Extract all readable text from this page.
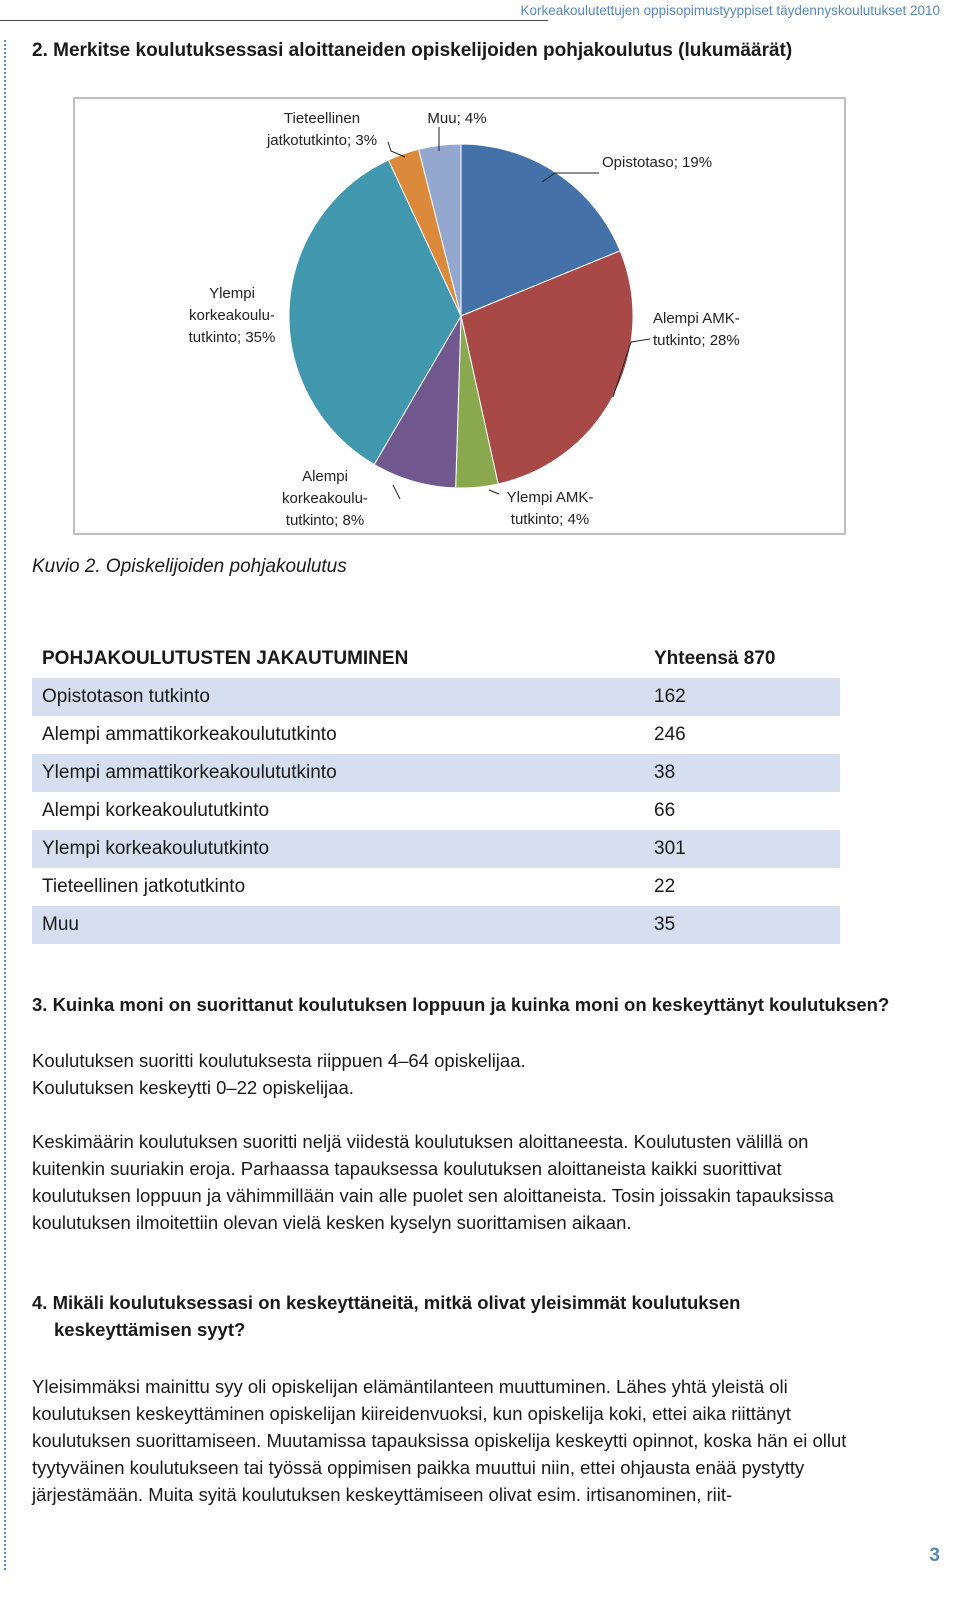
Korkeakoulutettujen oppisopimustyyppiset täydennyskoulutukset 2010
2. Merkitse koulutuksessasi aloittaneiden opiskelijoiden pohjakoulutus (lukumäärät)
Opistotaso; 19%
Alempi AMK-tutkinto; 28%
Ylempi AMK-tutkinto; 4%
Alempi korkeakoulu-tutkinto; 8%
Ylempi korkeakoulu-tutkinto; 35%
Tieteellinen jatkotutkinto; 3%
Muu; 4%
Kuvio 2. Opiskelijoiden pohjakoulutus
POHJAKOULUTUSTEN JAKAUTUMINEN	Yhteensä 870
Opistotason tutkinto	162
Alempi ammattikorkeakoulututkinto	246
Ylempi ammattikorkeakoulututkinto	38
Alempi korkeakoulututkinto	66
Ylempi korkeakoulututkinto	301
Tieteellinen jatkotutkinto	22
Muu	35
3. Kuinka moni on suorittanut koulutuksen loppuun ja kuinka moni on keskeyttänyt koulutuksen?

Koulutuksen suoritti koulutuksesta riippuen 4–64 opiskelijaa.

Koulutuksen keskeytti 0–22 opiskelijaa.

Keskimäärin koulutuksen suoritti neljä viidestä koulutuksen aloittaneesta. Koulutusten välillä on kuitenkin suuriakin eroja. Parhaassa tapauksessa koulutuksen aloittaneista kaikki suorittivat koulutuksen loppuun ja vähimmillään vain alle puolet sen aloittaneista. Tosin joissakin tapauksissa koulutuksen ilmoitettiin olevan vielä kesken kyselyn suorittamisen aikaan.

4. Mikäli koulutuksessasi on keskeyttäneitä, mitkä olivat yleisimmät koulutuksen
keskeyttämisen syyt?

Yleisimmäksi mainittu syy oli opiskelijan elämäntilanteen muuttuminen. Lähes yhtä yleistä oli koulutuksen keskeyttäminen opiskelijan kiireidenvuoksi, kun opiskelija koki, ettei aika riittänyt koulutuksen suorittamiseen. Muutamissa tapauksissa opiskelija keskeytti opinnot, koska hän ei ollut tyytyväinen koulutukseen tai työssä oppimisen paikka muuttui niin, ettei ohjausta enää pystytty järjestämään. Muita syitä koulutuksen keskeyttämiseen olivat esim. irtisanominen, riit-

3
